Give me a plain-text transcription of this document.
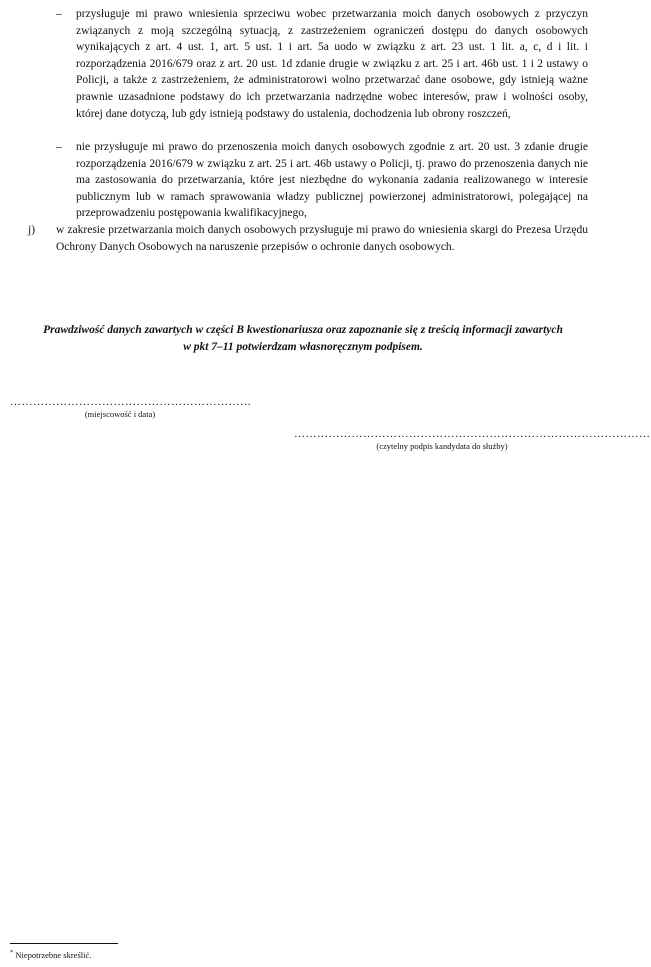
– przysługuje mi prawo wniesienia sprzeciwu wobec przetwarzania moich danych osobowych z przyczyn związanych z moją szczególną sytuacją, z zastrzeżeniem ograniczeń dostępu do danych osobowych wynikających z art. 4 ust. 1, art. 5 ust. 1 i art. 5a uodo w związku z art. 23 ust. 1 lit. a, c, d i lit. i rozporządzenia 2016/679 oraz z art. 20 ust. 1d zdanie drugie w związku z art. 25 i art. 46b ust. 1 i 2 ustawy o Policji, a także z zastrzeżeniem, że administratorowi wolno przetwarzać dane osobowe, gdy istnieją ważne prawnie uzasadnione podstawy do ich przetwarzania nadrzędne wobec interesów, praw i wolności osoby, której dane dotyczą, lub gdy istnieją podstawy do ustalenia, dochodzenia lub obrony roszczeń,
– nie przysługuje mi prawo do przenoszenia moich danych osobowych zgodnie z art. 20 ust. 3 zdanie drugie rozporządzenia 2016/679 w związku z art. 25 i art. 46b ustawy o Policji, tj. prawo do przenoszenia danych nie ma zastosowania do przetwarzania, które jest niezbędne do wykonania zadania realizowanego w interesie publicznym lub w ramach sprawowania władzy publicznej powierzonej administratorowi, polegającej na przeprowadzeniu postępowania kwalifikacyjnego,
j) w zakresie przetwarzania moich danych osobowych przysługuje mi prawo do wniesienia skargi do Prezesa Urzędu Ochrony Danych Osobowych na naruszenie przepisów o ochronie danych osobowych.
Prawdziwość danych zawartych w części B kwestionariusza oraz zapoznanie się z treścią informacji zawartych
w pkt 7–11 potwierdzam własnoręcznym podpisem.
………………………………………………………
(miejscowość i data)
…………………………………………………………………………………
(czytelny podpis kandydata do służby)
* Niepotrzebne skreślić.
